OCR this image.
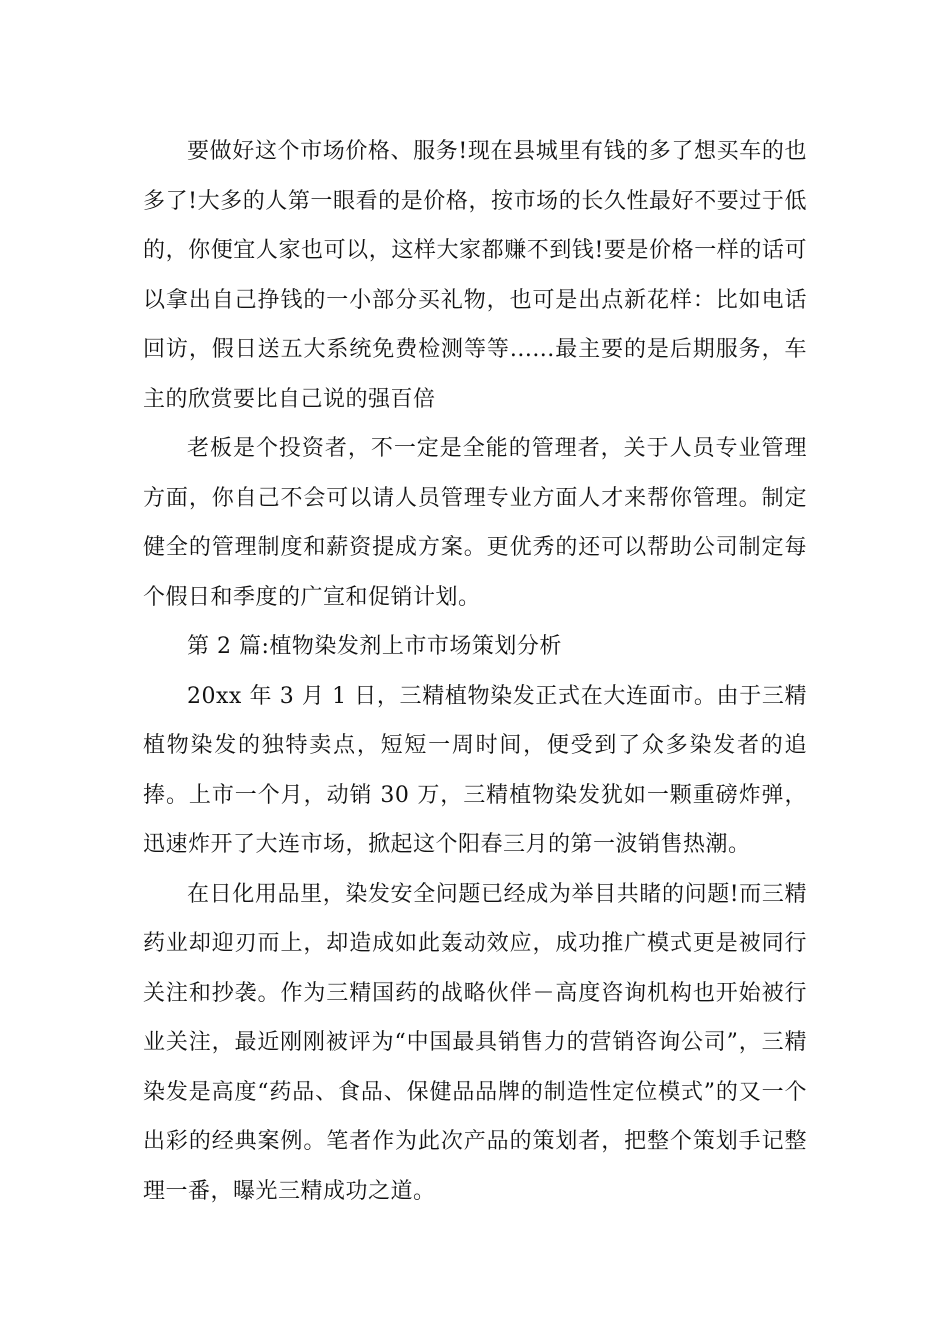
要做好这个市场价格、服务!现在县城里有钱的多了想买车的也多了!大多的人第一眼看的是价格，按市场的长久性最好不要过于低的，你便宜人家也可以，这样大家都赚不到钱!要是价格一样的话可以拿出自己挣钱的一小部分买礼物，也可是出点新花样：比如电话回访，假日送五大系统免费检测等等......最主要的是后期服务，车主的欣赏要比自己说的强百倍

老板是个投资者，不一定是全能的管理者，关于人员专业管理方面，你自己不会可以请人员管理专业方面人才来帮你管理。制定健全的管理制度和薪资提成方案。更优秀的还可以帮助公司制定每个假日和季度的广宣和促销计划。

第 2 篇:植物染发剂上市市场策划分析

20xx 年 3 月 1 日，三精植物染发正式在大连面市。由于三精植物染发的独特卖点，短短一周时间，便受到了众多染发者的追捧。上市一个月，动销 30 万，三精植物染发犹如一颗重磅炸弹，迅速炸开了大连市场，掀起这个阳春三月的第一波销售热潮。

在日化用品里，染发安全问题已经成为举目共睹的问题!而三精药业却迎刃而上，却造成如此轰动效应，成功推广模式更是被同行关注和抄袭。作为三精国药的战略伙伴－高度咨询机构也开始被行业关注，最近刚刚被评为“中国最具销售力的营销咨询公司”，三精染发是高度“药品、食品、保健品品牌的制造性定位模式”的又一个出彩的经典案例。笔者作为此次产品的策划者，把整个策划手记整理一番，曝光三精成功之道。
